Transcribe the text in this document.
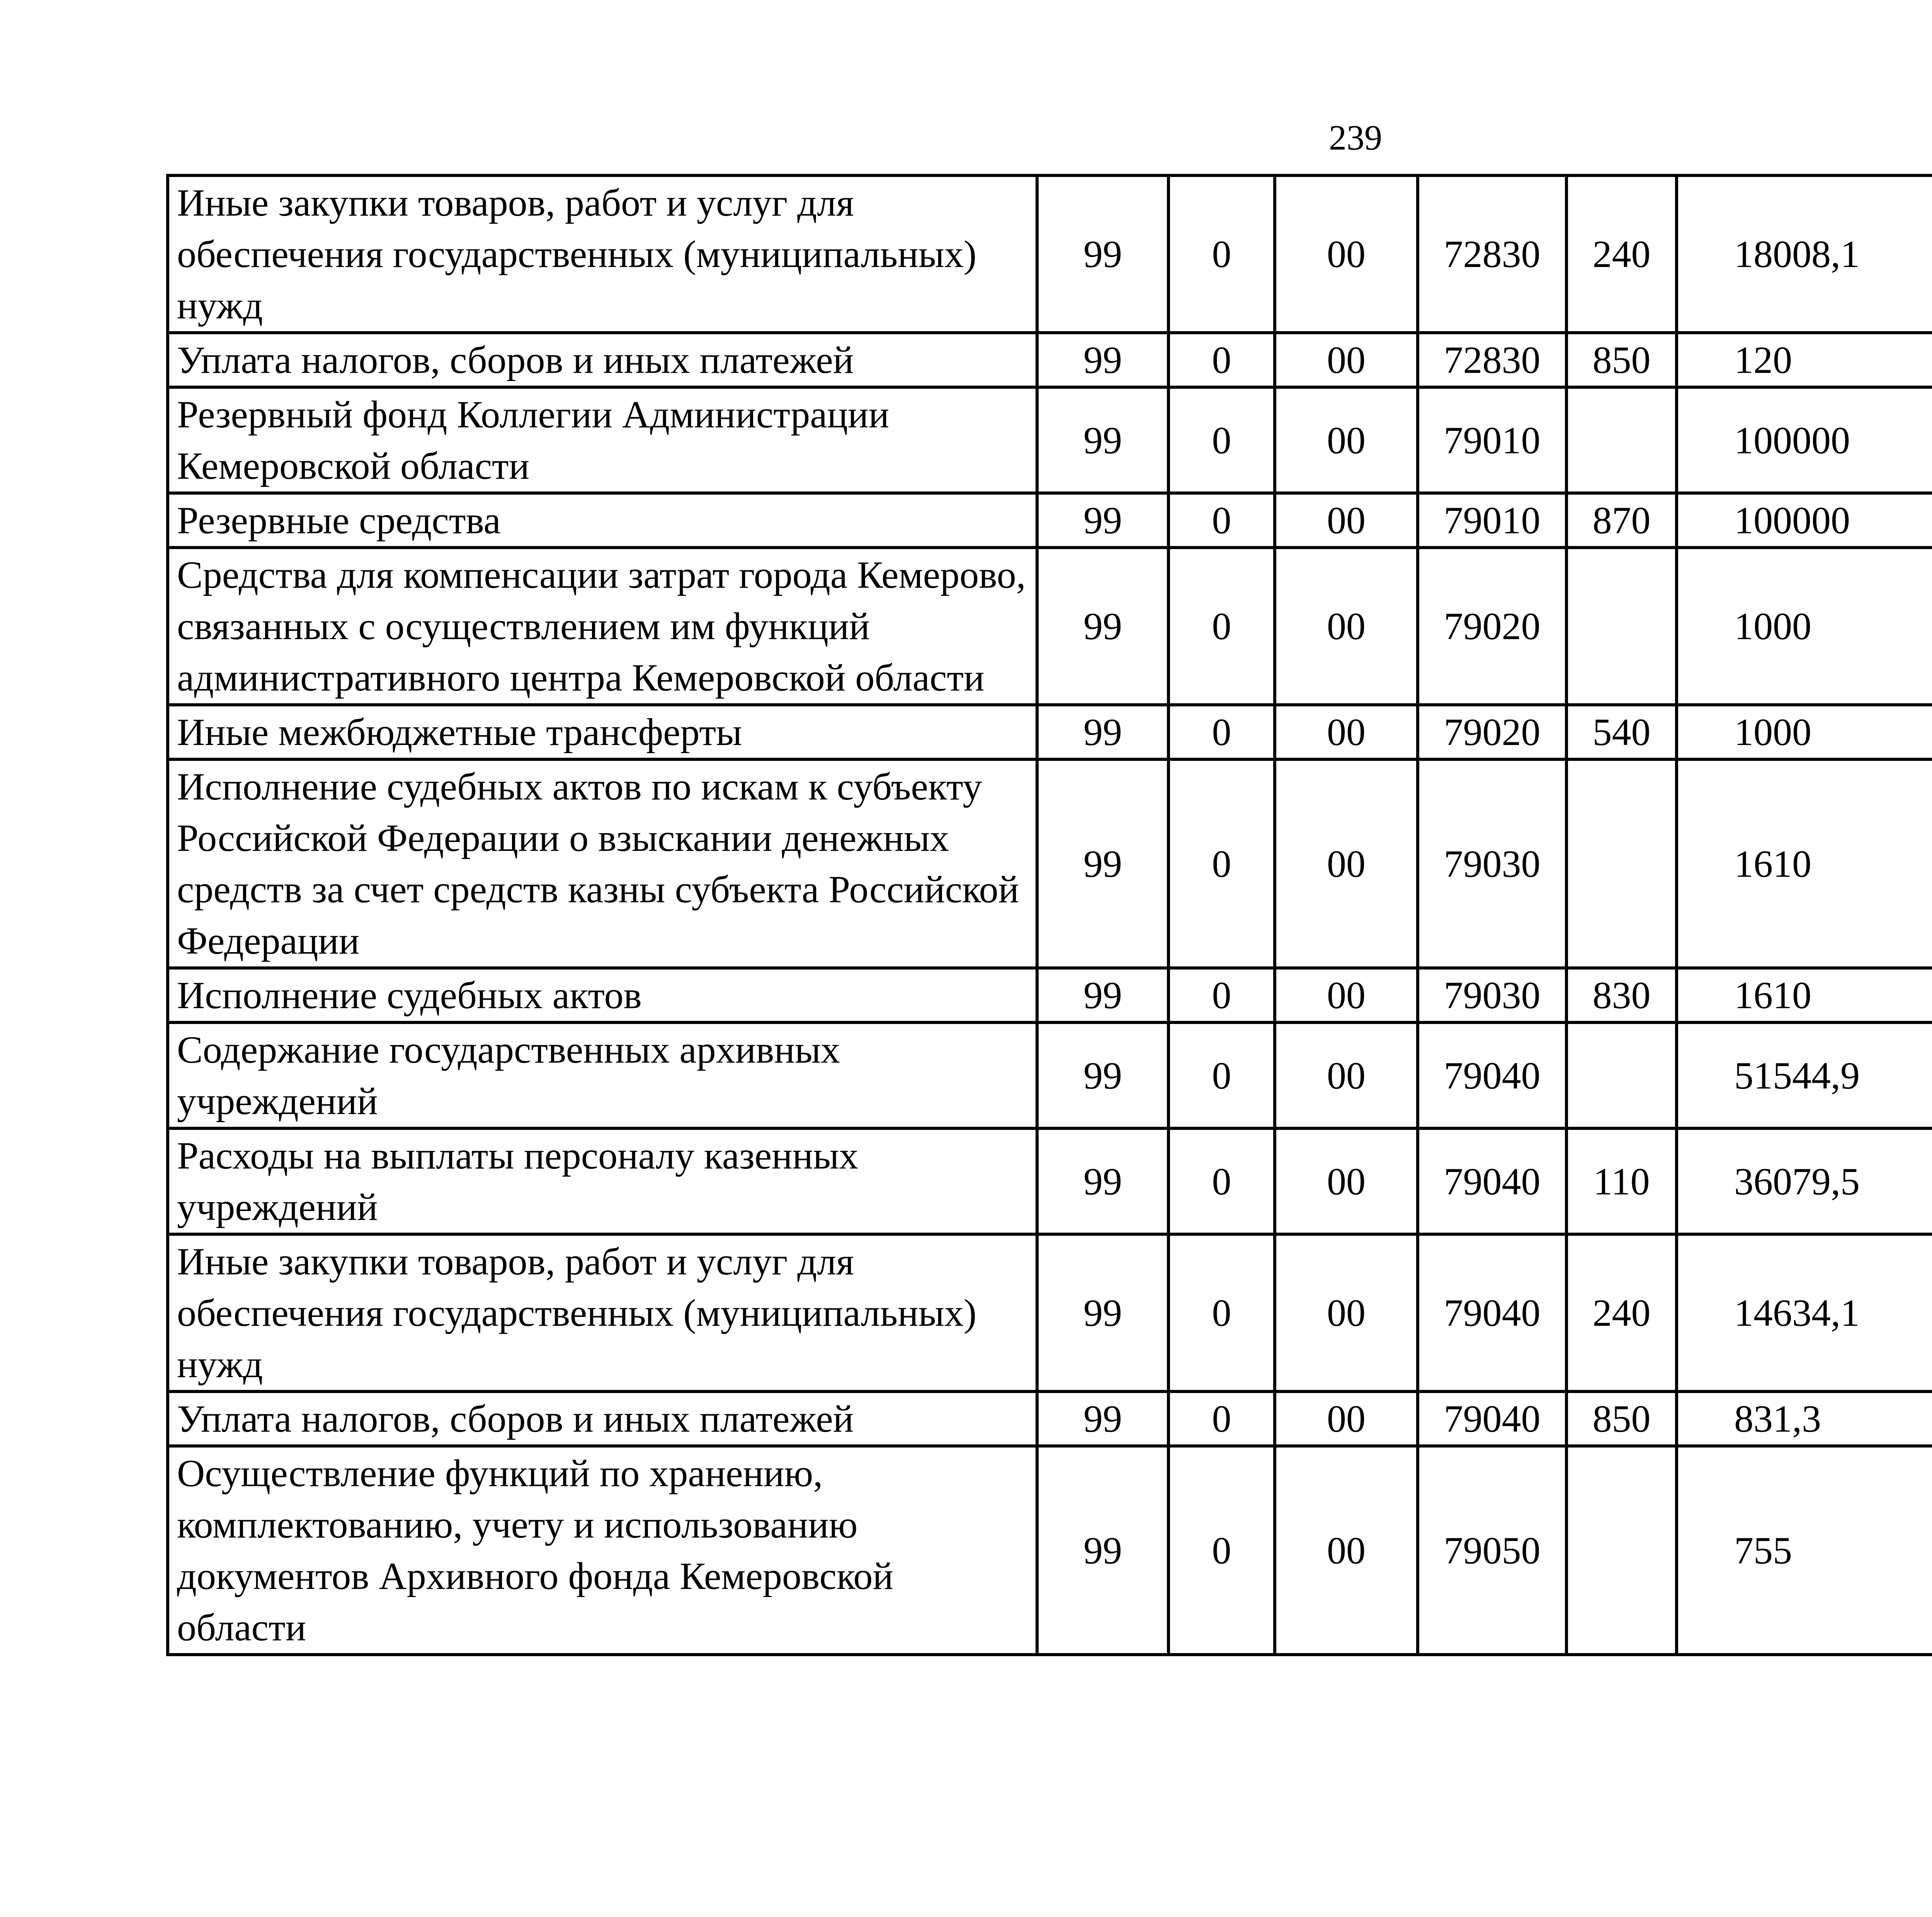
239
Иные закупки товаров, работ и услуг для обеспечения государственных (муниципальных) нужд	99	0	00	72830	240	18008,1		
Уплата налогов, сборов и иных платежей	99	0	00	72830	850	120		
Резервный фонд Коллегии Администрации Кемеровской области	99	0	00	79010		100000		
Резервные средства	99	0	00	79010	870	100000		
Средства для компенсации затрат города Кемерово, связанных с осуществлением им функций административного центра Кемеровской области	99	0	00	79020		1000		
Иные межбюджетные трансферты	99	0	00	79020	540	1000		
Исполнение судебных актов по искам к субъекту Российской Федерации о взыскании денежных средств за счет средств казны субъекта Российской Федерации	99	0	00	79030		1610		
Исполнение судебных актов	99	0	00	79030	830	1610		
Содержание государственных архивных учреждений	99	0	00	79040		51544,9		
Расходы на выплаты персоналу казенных учреждений	99	0	00	79040	110	36079,5		
Иные закупки товаров, работ и услуг для обеспечения государственных (муниципальных) нужд	99	0	00	79040	240	14634,1		
Уплата налогов, сборов и иных платежей	99	0	00	79040	850	831,3		
Осуществление функций по хранению, комплектованию, учету и использованию документов Архивного фонда Кемеровской области	99	0	00	79050		755		
